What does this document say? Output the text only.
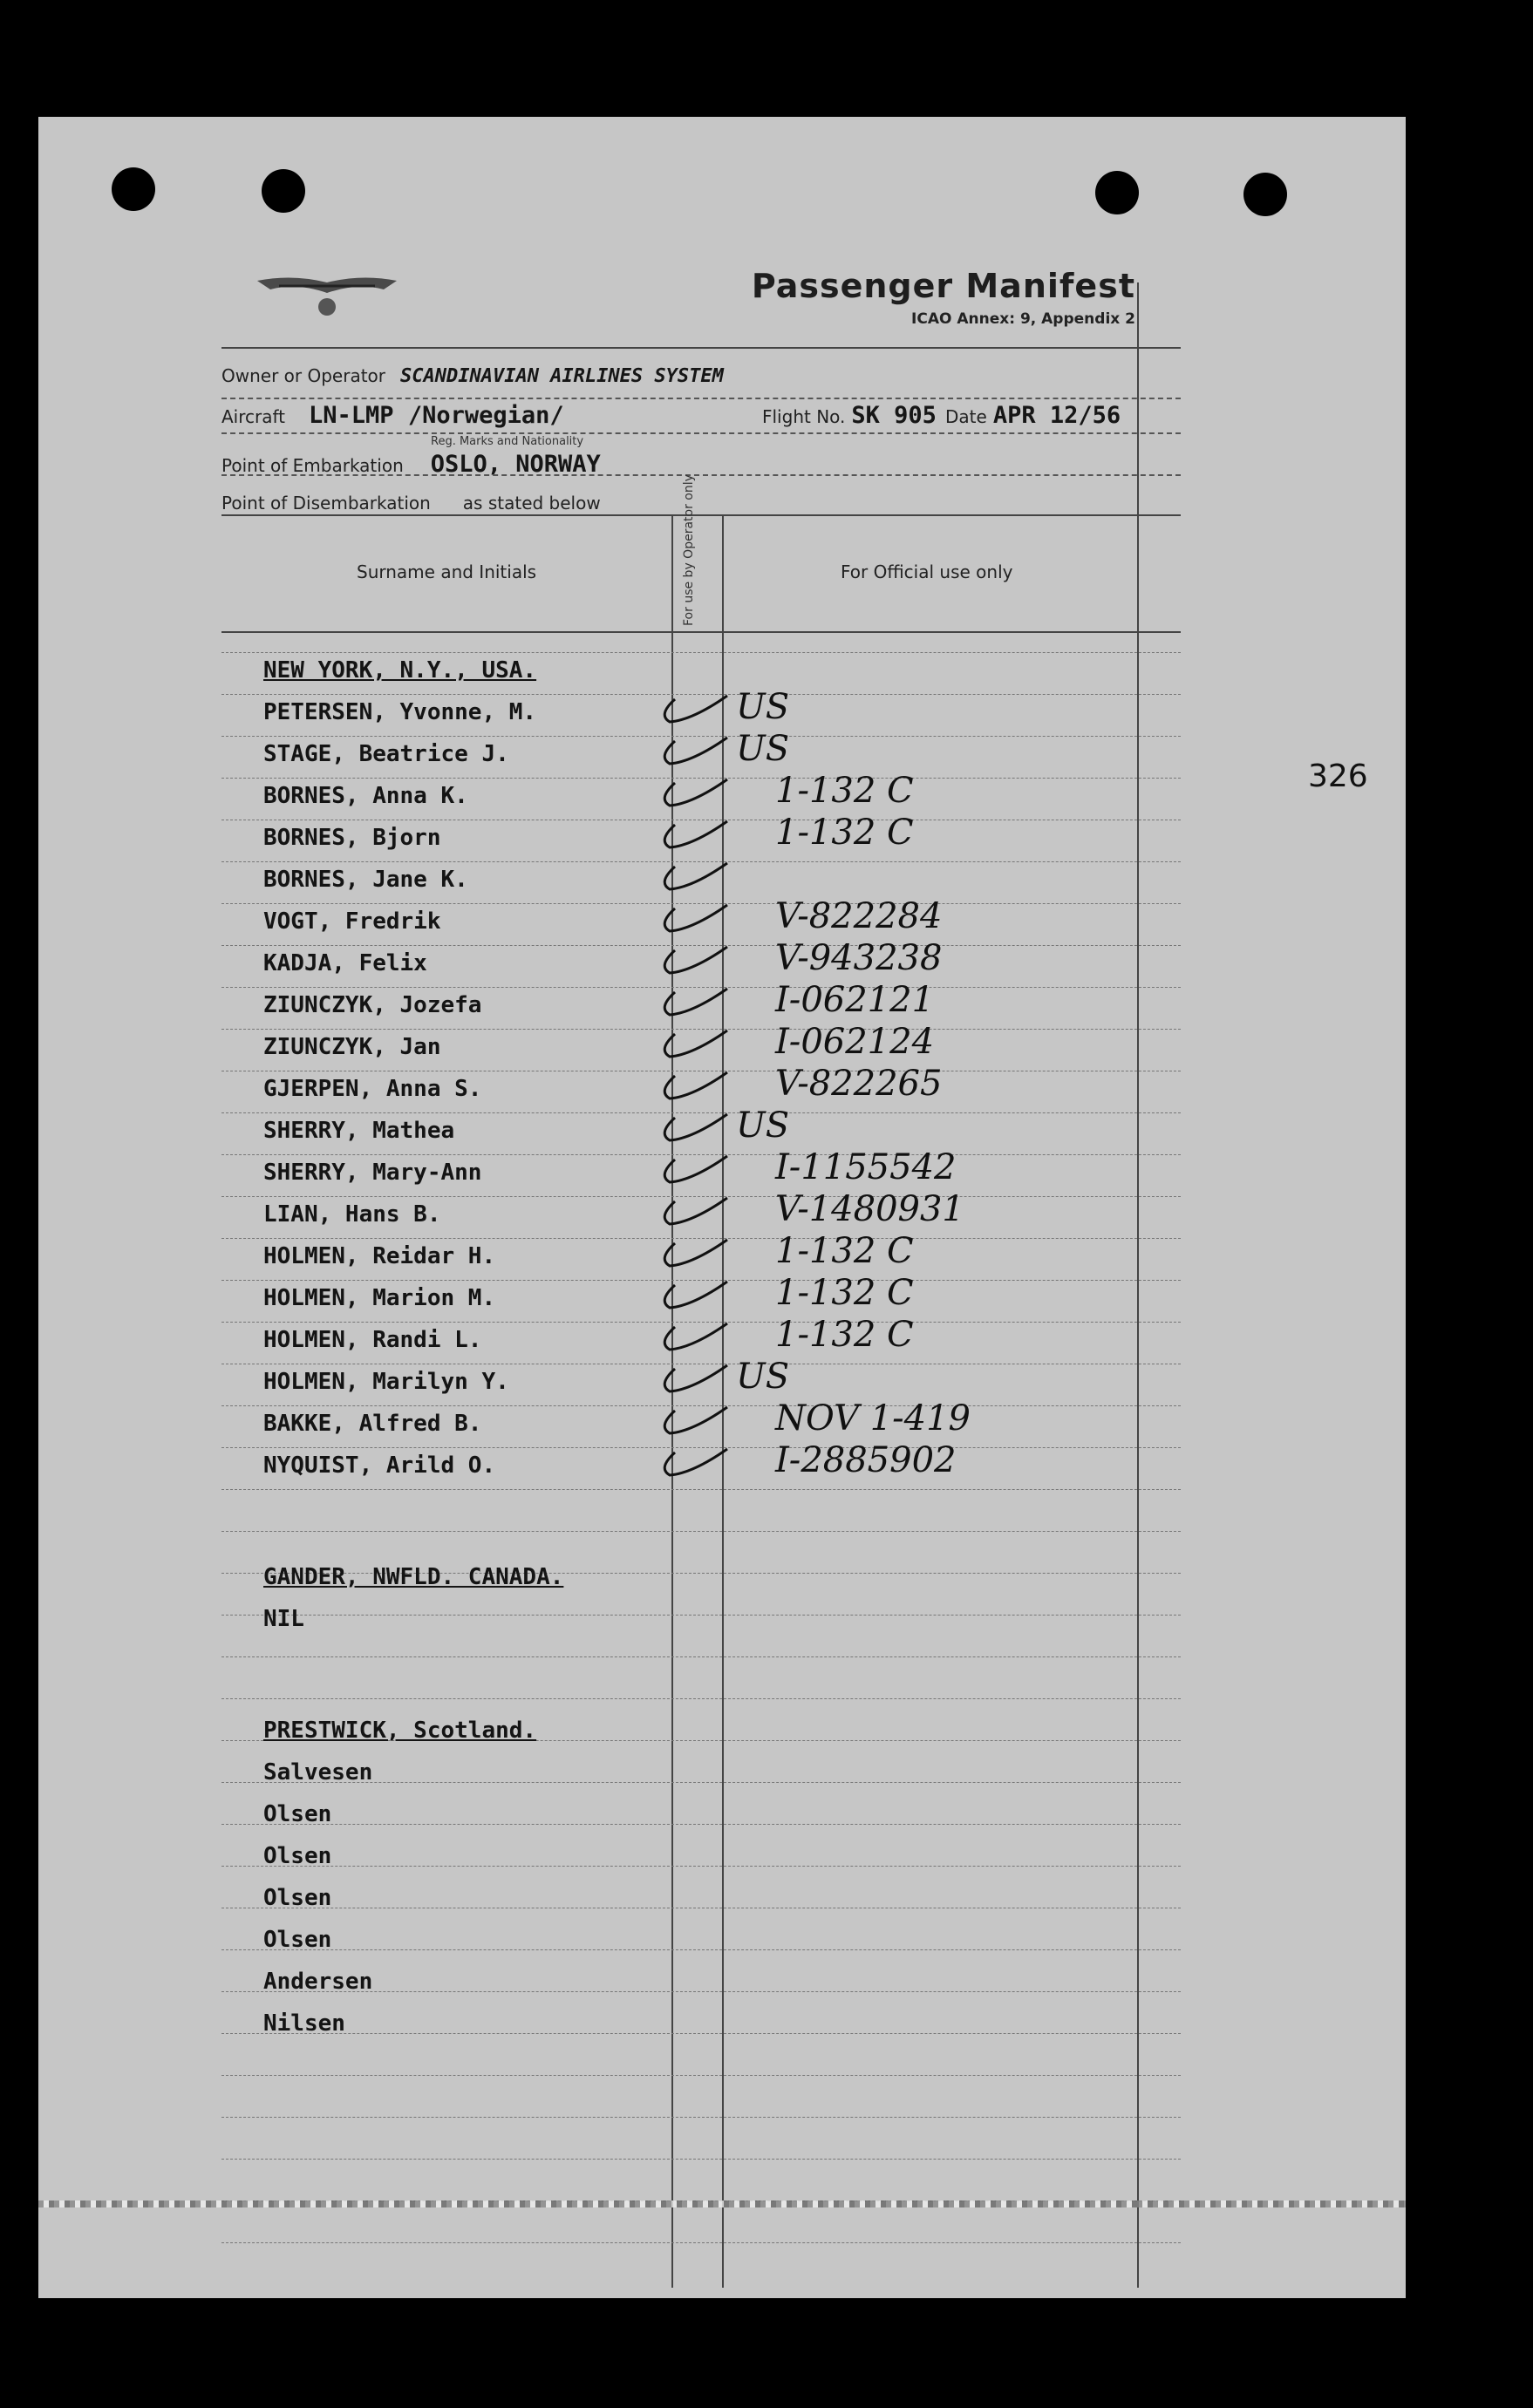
Passenger Manifest
ICAO Annex: 9, Appendix 2
Owner or Operator SCANDINAVIAN AIRLINES SYSTEM
Aircraft LN-LMP /Norwegian/	Flight No. SK 905 Date APR 12/56
Reg. Marks and Nationality
Point of Embarkation OSLO, NORWAY
Point of Disembarkation as stated below
Surname and Initials	For use by Operator only	For Official use only
NEW YORK, N.Y., USA.
PETERSEN, Yvonne, M.	US
STAGE, Beatrice J.	US
BORNES, Anna K.	1-132 C
BORNES, Bjorn	1-132 C
BORNES, Jane K.
VOGT, Fredrik	V-822284
KADJA, Felix	V-943238
ZIUNCZYK, Jozefa	I-062121
ZIUNCZYK, Jan	I-062124
GJERPEN, Anna S.	V-822265
SHERRY, Mathea	US
SHERRY, Mary-Ann	I-1155542
LIAN, Hans B.	V-1480931
HOLMEN, Reidar H.	1-132 C
HOLMEN, Marion M.	1-132 C
HOLMEN, Randi L.	1-132 C
HOLMEN, Marilyn Y.	US
BAKKE, Alfred B.	NOV 1-419
NYQUIST, Arild O.	I-2885902
GANDER, NWFLD. CANADA.
NIL
PRESTWICK, Scotland.
Salvesen
Olsen
Olsen
Olsen
Olsen
Andersen
Nilsen
326
